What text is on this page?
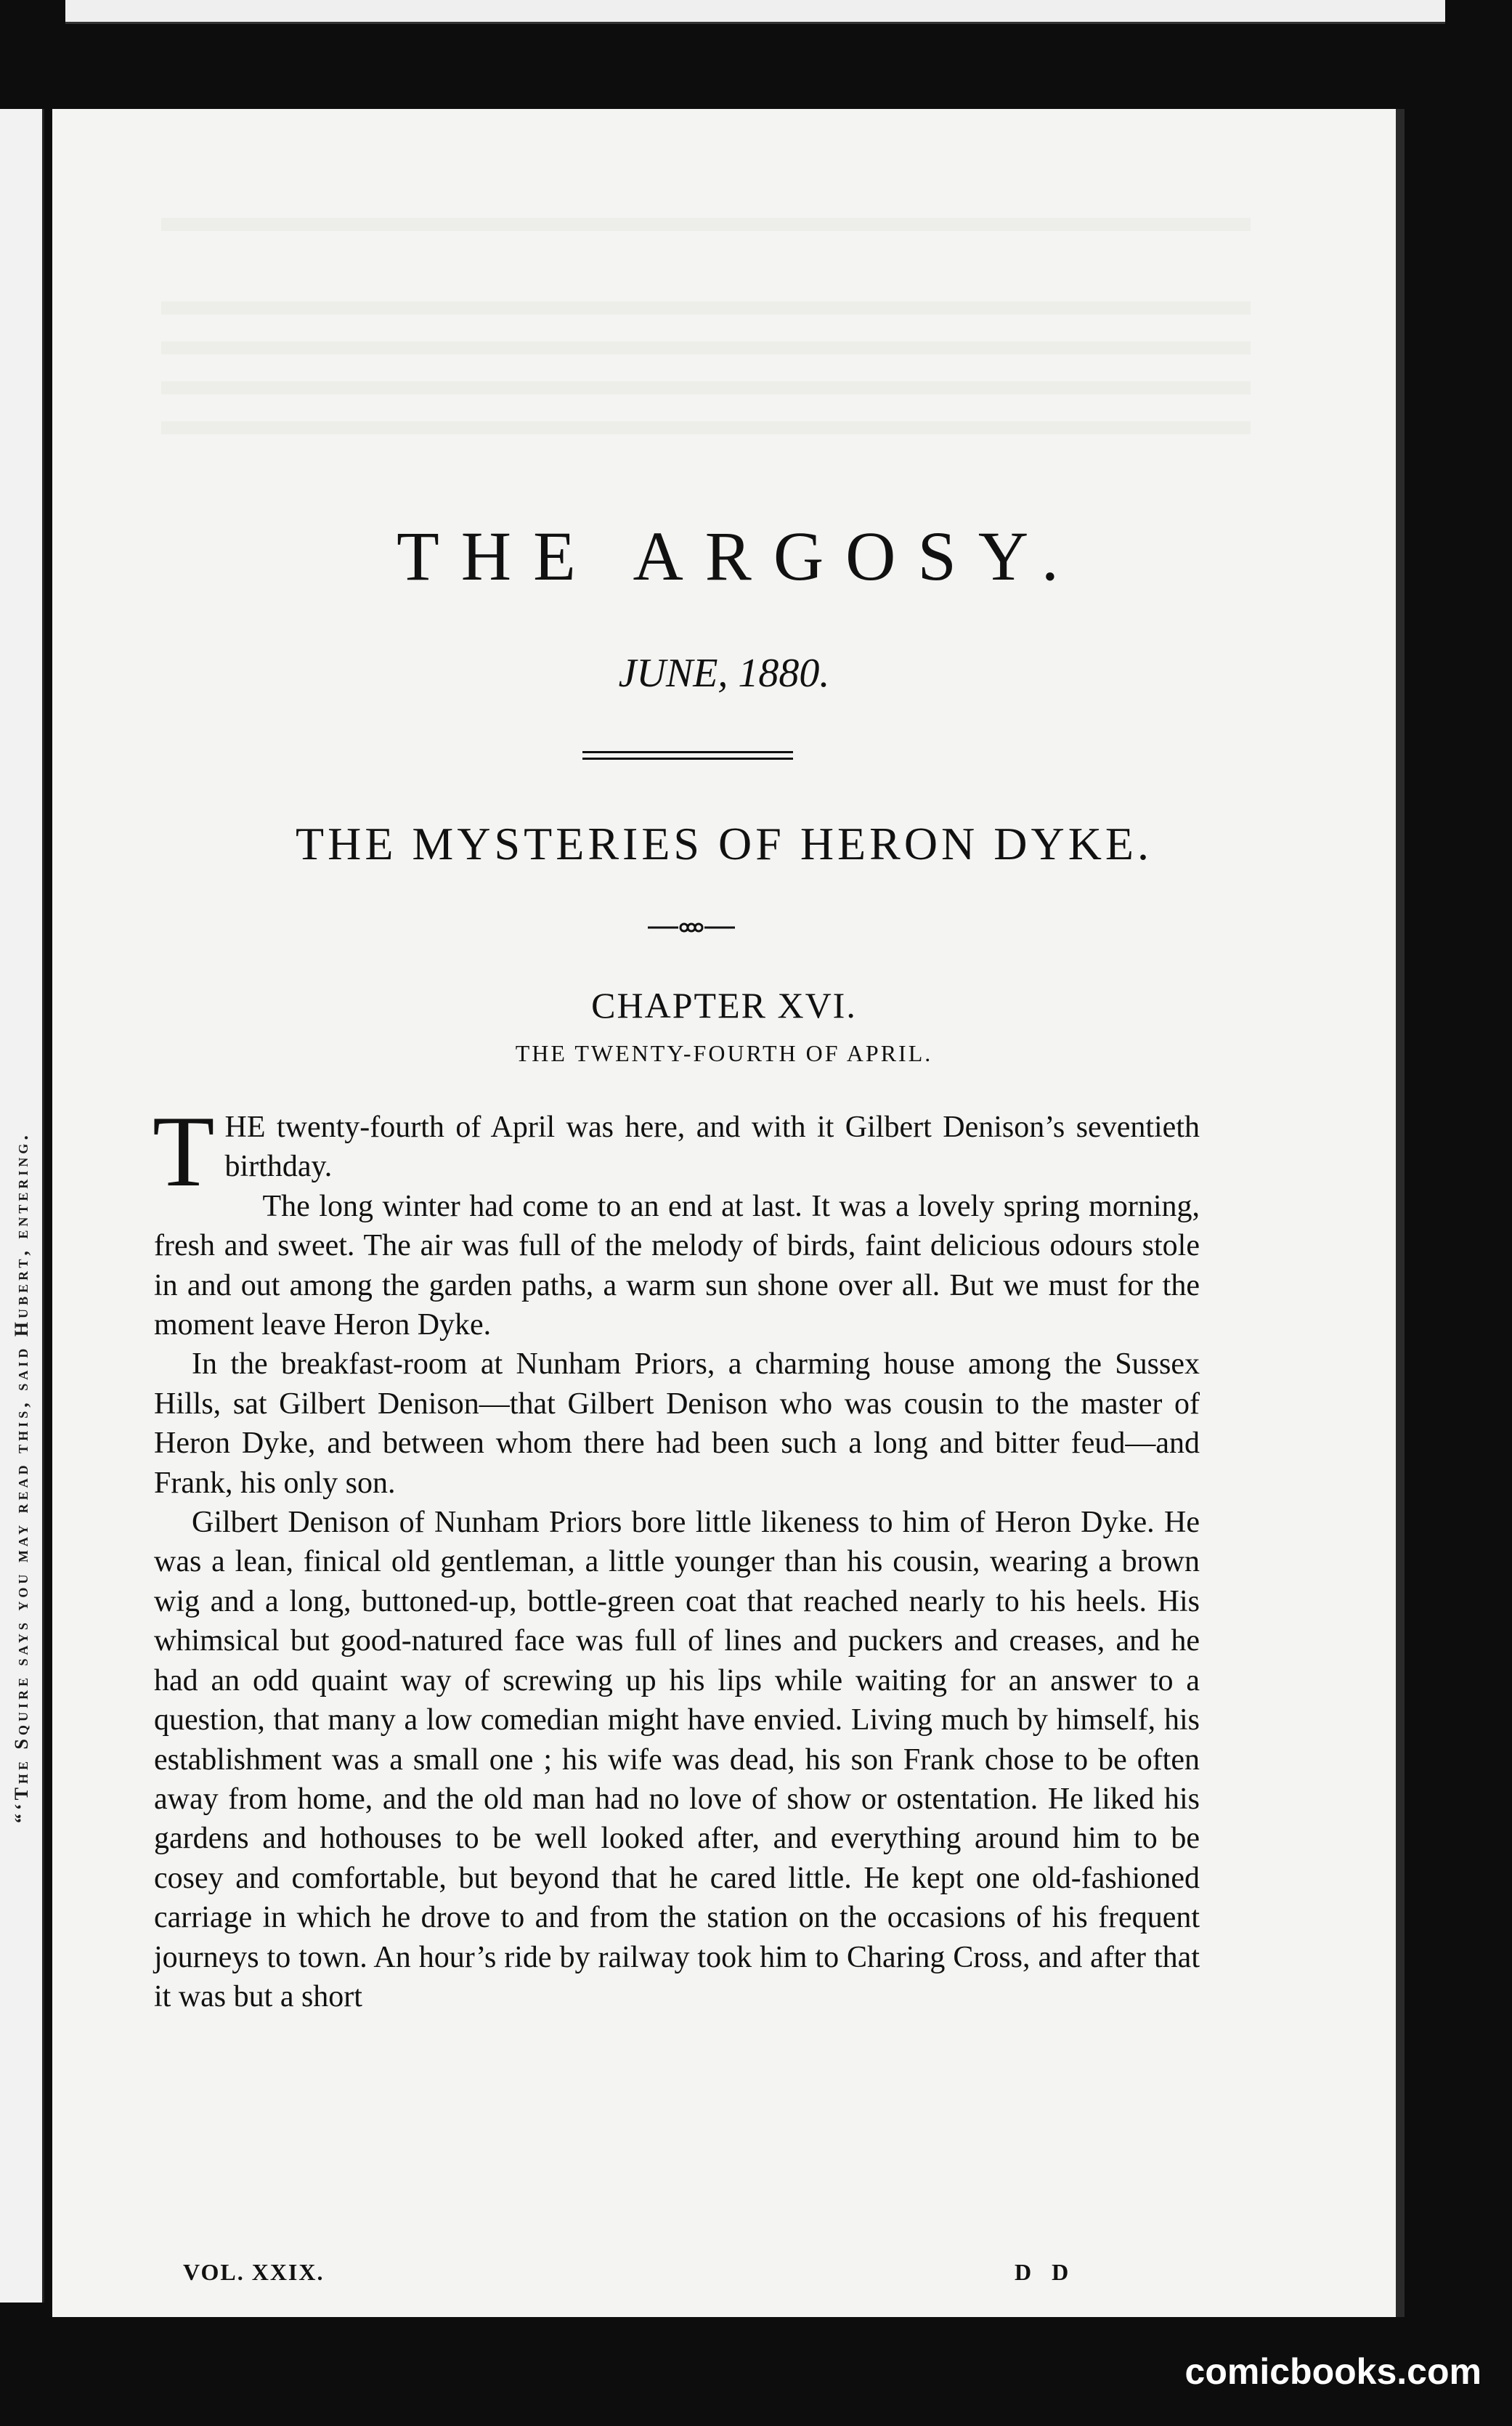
“‘The Squire says you may read this, said Hubert, entering.
THE ARGOSY.
JUNE, 1880.
THE MYSTERIES OF HERON DYKE.
CHAPTER XVI.
THE TWENTY-FOURTH OF APRIL.

THE twenty-fourth of April was here, and with it Gilbert Denison’s seventieth birthday.

The long winter had come to an end at last. It was a lovely spring morning, fresh and sweet. The air was full of the melody of birds, faint delicious odours stole in and out among the garden paths, a warm sun shone over all. But we must for the moment leave Heron Dyke.

In the breakfast-room at Nunham Priors, a charming house among the Sussex Hills, sat Gilbert Denison—that Gilbert Denison who was cousin to the master of Heron Dyke, and between whom there had been such a long and bitter feud—and Frank, his only son.

Gilbert Denison of Nunham Priors bore little likeness to him of Heron Dyke. He was a lean, finical old gentleman, a little younger than his cousin, wearing a brown wig and a long, buttoned-up, bottle-green coat that reached nearly to his heels. His whimsical but good-natured face was full of lines and puckers and creases, and he had an odd quaint way of screwing up his lips while waiting for an answer to a question, that many a low comedian might have envied. Living much by himself, his establishment was a small one ; his wife was dead, his son Frank chose to be often away from home, and the old man had no love of show or ostentation. He liked his gardens and hothouses to be well looked after, and everything around him to be cosey and comfortable, but beyond that he cared little. He kept one old-fashioned carriage in which he drove to and from the station on the occasions of his frequent journeys to town. An hour’s ride by railway took him to Charing Cross, and after that it was but a short

VOL. XXIX.	D D
comicbooks.com
